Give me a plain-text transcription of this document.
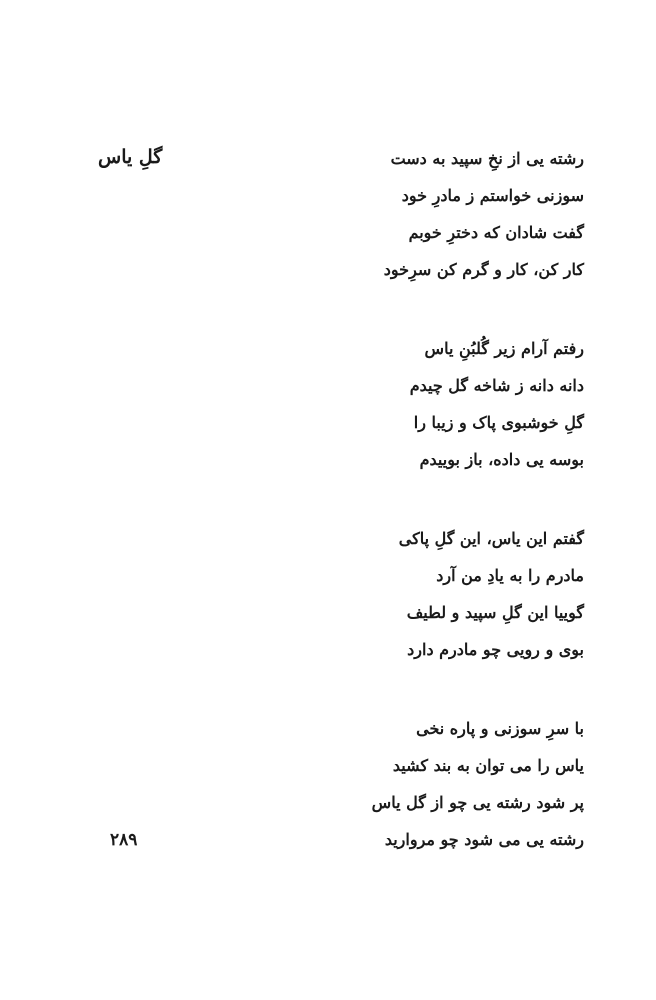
گلِ یاس	رشته یی از نخِ سپید به دست
سوزنی خواستم ز مادرِ خود
گفت شادان که دخترِ خوبم
کار کن، کار و گرم کن سرِخود
رفتم آرام زیر گُلبُنِ یاس
دانه دانه ز شاخه گل چیدم
گلِ خوشبوی پاک و زیبا را
بوسه یی داده، باز بوییدم
گفتم این یاس، این گلِ پاکی
مادرم را به یادِ من آرد
گوییا این گلِ سپید و لطیف
بوی و رویی چو مادرم دارد
با سرِ سوزنی و پاره نخی
یاس را می توان به بند کشید
پر شود رشته یی چو از گل یاس
رشته یی می شود چو مروارید
۲۸۹
